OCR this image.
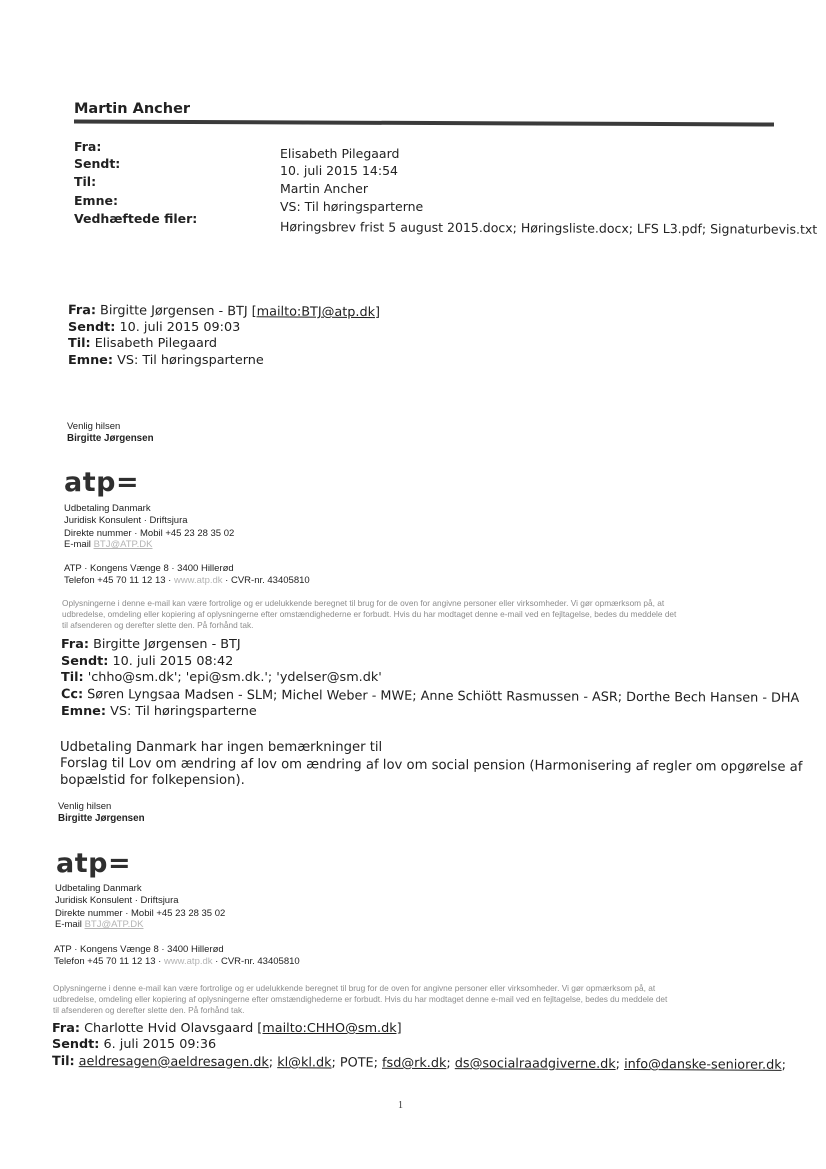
Martin Ancher
Fra:
Sendt:
Til:
Emne:
Vedhæftede filer:
Elisabeth Pilegaard
10. juli 2015 14:54
Martin Ancher
VS: Til høringsparterne
Høringsbrev frist 5 august 2015.docx; Høringsliste.docx; LFS L3.pdf; Signaturbevis.txt
Fra: Birgitte Jørgensen - BTJ [mailto:BTJ@atp.dk]
Sendt: 10. juli 2015 09:03
Til: Elisabeth Pilegaard
Emne: VS: Til høringsparterne
Venlig hilsen
Birgitte Jørgensen
atp=
Udbetaling Danmark
Juridisk Konsulent · Driftsjura
Direkte nummer · Mobil +45 23 28 35 02
E-mail BTJ@ATP.DK
ATP · Kongens Vænge 8 · 3400 Hillerød
Telefon +45 70 11 12 13 · www.atp.dk · CVR-nr. 43405810
Oplysningerne i denne e-mail kan være fortrolige og er udelukkende beregnet til brug for de oven for angivne personer eller virksomheder. Vi gør opmærksom på, at
udbredelse, omdeling eller kopiering af oplysningerne efter omstændighederne er forbudt. Hvis du har modtaget denne e-mail ved en fejltagelse, bedes du meddele det
til afsenderen og derefter slette den. På forhånd tak.
Fra: Birgitte Jørgensen - BTJ
Sendt: 10. juli 2015 08:42
Til: 'chho@sm.dk'; 'epi@sm.dk.'; 'ydelser@sm.dk'
Cc: Søren Lyngsaa Madsen - SLM; Michel Weber - MWE; Anne Schiött Rasmussen - ASR; Dorthe Bech Hansen - DHA
Emne: VS: Til høringsparterne
Udbetaling Danmark har ingen bemærkninger til
Forslag til Lov om ændring af lov om ændring af lov om social pension (Harmonisering af regler om opgørelse af
bopælstid for folkepension).
Venlig hilsen
Birgitte Jørgensen
atp=
Udbetaling Danmark
Juridisk Konsulent · Driftsjura
Direkte nummer · Mobil +45 23 28 35 02
E-mail BTJ@ATP.DK
ATP · Kongens Vænge 8 · 3400 Hillerød
Telefon +45 70 11 12 13 · www.atp.dk · CVR-nr. 43405810
Oplysningerne i denne e-mail kan være fortrolige og er udelukkende beregnet til brug for de oven for angivne personer eller virksomheder. Vi gør opmærksom på, at
udbredelse, omdeling eller kopiering af oplysningerne efter omstændighederne er forbudt. Hvis du har modtaget denne e-mail ved en fejltagelse, bedes du meddele det
til afsenderen og derefter slette den. På forhånd tak.
Fra: Charlotte Hvid Olavsgaard [mailto:CHHO@sm.dk]
Sendt: 6. juli 2015 09:36
Til: aeldresagen@aeldresagen.dk; kl@kl.dk; POTE; fsd@rk.dk; ds@socialraadgiverne.dk; info@danske-seniorer.dk;
1
